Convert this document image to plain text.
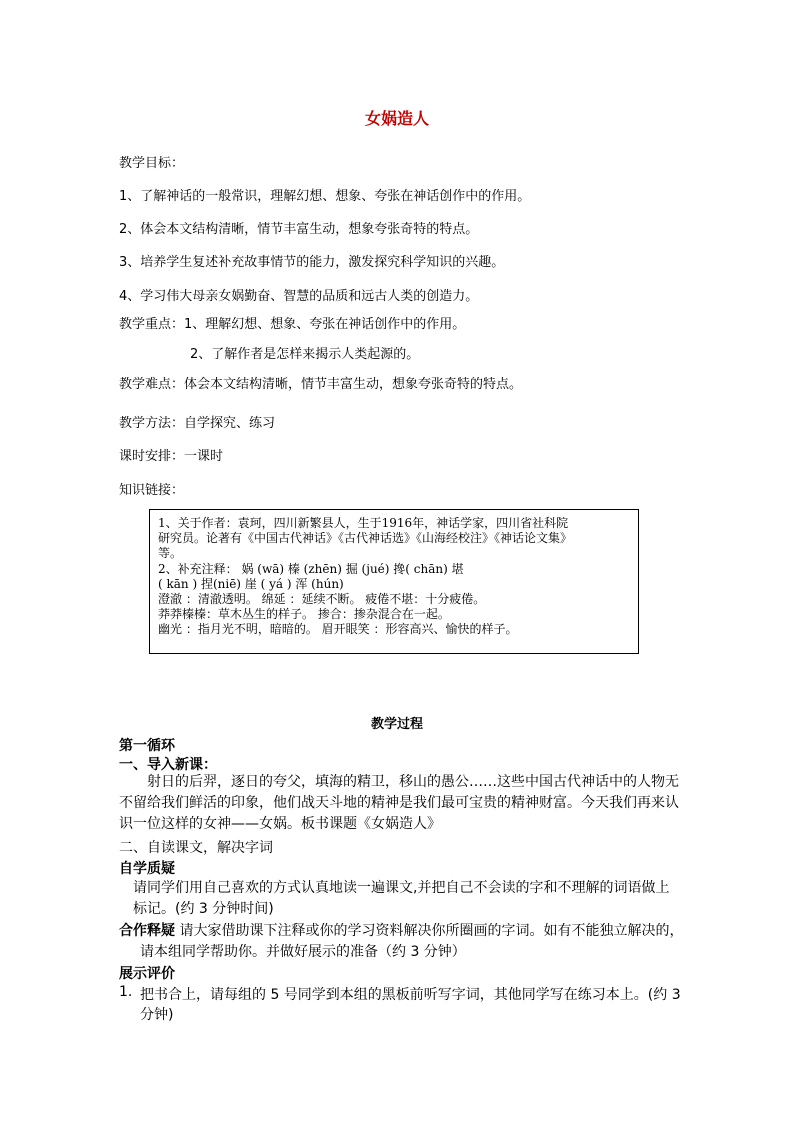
女娲造人
教学目标：
1、了解神话的一般常识，理解幻想、想象、夸张在神话创作中的作用。
2、体会本文结构清晰，情节丰富生动，想象夸张奇特的特点。
3、培养学生复述补充故事情节的能力，激发探究科学知识的兴趣。
4、学习伟大母亲女娲勤奋、智慧的品质和远古人类的创造力。
教学重点：1、理解幻想、想象、夸张在神话创作中的作用。
2、了解作者是怎样来揭示人类起源的。
教学难点：体会本文结构清晰，情节丰富生动，想象夸张奇特的特点。
教学方法：自学探究、练习
课时安排：一课时
知识链接：
1、关于作者：袁珂，四川新繁县人，生于1916年，神话学家，四川省社科院
研究员。论著有《中国古代神话》《古代神话选》《山海经校注》《神话论文集》
等。
2、补充注释： 娲 (wā) 榛 (zhēn) 掘 (jué) 搀( chān) 堪
( kān ) 捏(niē) 崖 ( yá ) 浑 (hún)
澄澈 ：清澈透明。 绵延 ：延续不断。 疲倦不堪：十分疲倦。
莽莽榛榛：草木丛生的样子。 掺合：掺杂混合在一起。
幽光 ：指月光不明，暗暗的。 眉开眼笑 ：形容高兴、愉快的样子。
教学过程
第一循环
一、导入新课：
射日的后羿，逐日的夸父，填海的精卫，移山的愚公……这些中国古代神话中的人物无不留给我们鲜活的印象，他们战天斗地的精神是我们最可宝贵的精神财富。今天我们再来认识一位这样的女神——女娲。板书课题《女娲造人》
二、自读课文，解决字词
自学质疑
请同学们用自己喜欢的方式认真地读一遍课文,并把自己不会读的字和不理解的词语做上标记。(约 3 分钟时间)
合作释疑 请大家借助课下注释或你的学习资料解决你所圈画的字词。如有不能独立解决的，
请本组同学帮助你。并做好展示的准备（约 3 分钟）
展示评价
1. 把书合上，请每组的 5 号同学到本组的黑板前听写字词，其他同学写在练习本上。(约 3
分钟)
